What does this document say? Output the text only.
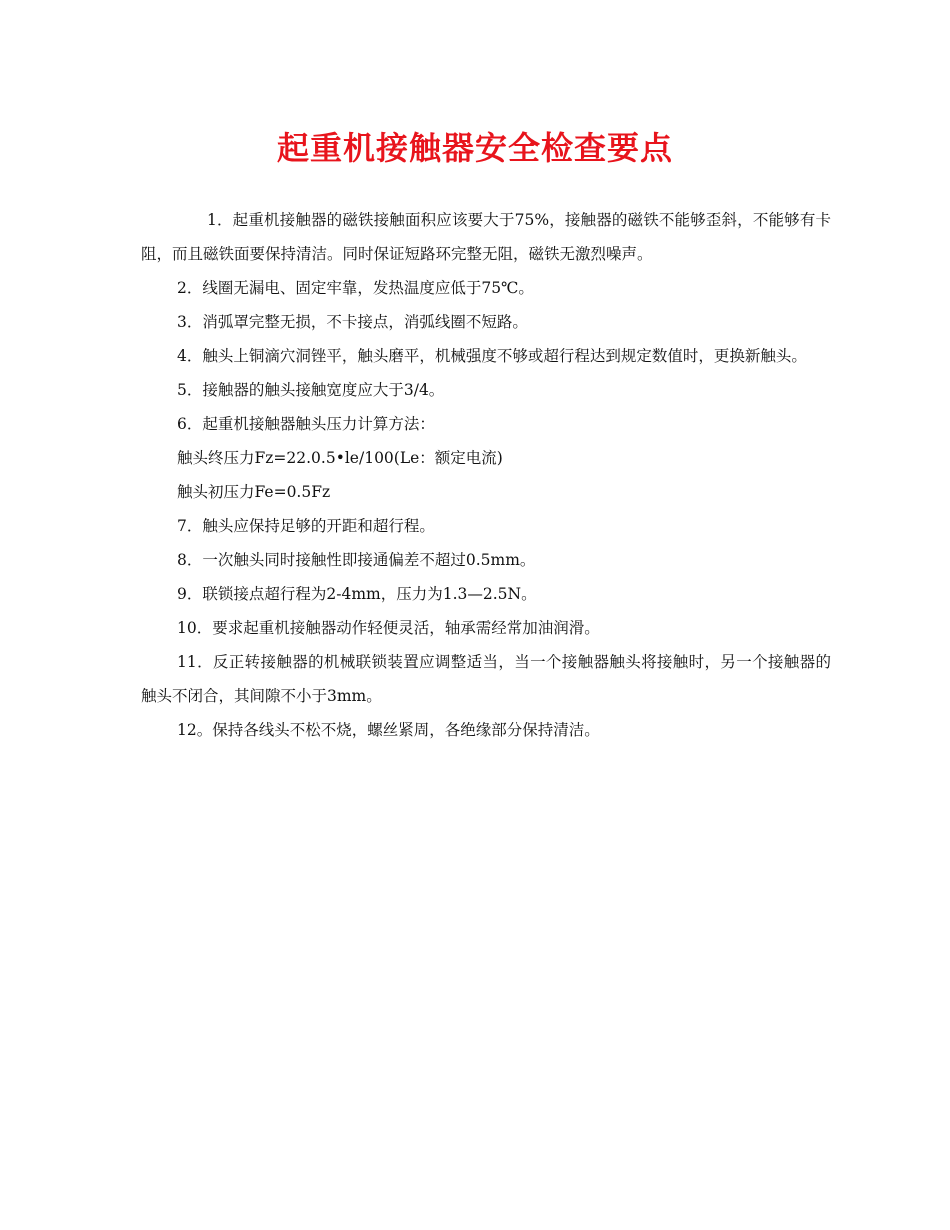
起重机接触器安全检查要点

1．起重机接触器的磁铁接触面积应该要大于75%，接触器的磁铁不能够歪斜，不能够有卡阻，而且磁铁面要保持清洁。同时保证短路环完整无阻，磁铁无激烈噪声。

2．线圈无漏电、固定牢靠，发热温度应低于75℃。

3．消弧罩完整无损，不卡接点，消弧线圈不短路。

4．触头上铜滴穴洞锉平，触头磨平，机械强度不够或超行程达到规定数值时，更换新触头。

5．接触器的触头接触宽度应大于3/4。

6．起重机接触器触头压力计算方法：

触头终压力Fz=22.0.5•le/100(Le：额定电流)

触头初压力Fe=0.5Fz

7．触头应保持足够的开距和超行程。

8．一次触头同时接触性即接通偏差不超过0.5mm。

9．联锁接点超行程为2-4mm，压力为1.3—2.5N。

10．要求起重机接触器动作轻便灵活，轴承需经常加油润滑。

11．反正转接触器的机械联锁装置应调整适当，当一个接触器触头将接触时，另一个接触器的触头不闭合，其间隙不小于3mm。

12。保持各线头不松不烧，螺丝紧周，各绝缘部分保持清洁。
